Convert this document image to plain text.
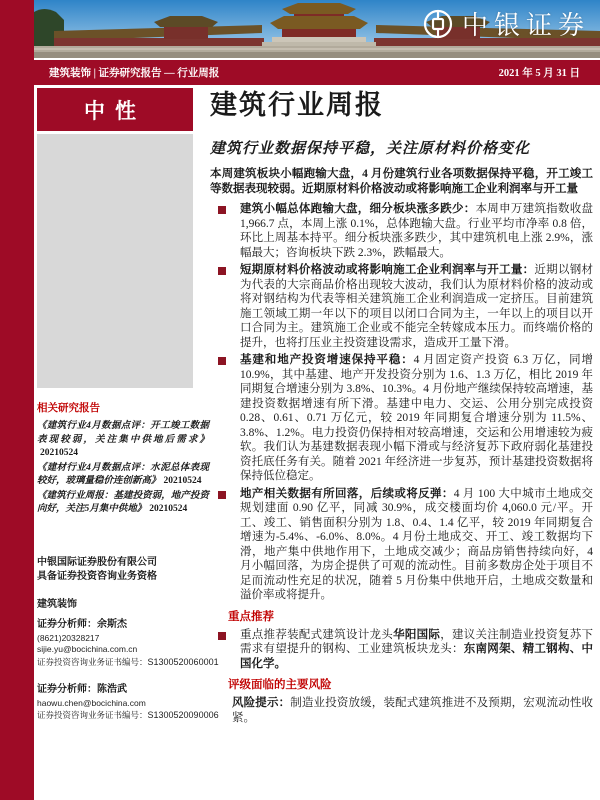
中银证券
建筑装饰 | 证券研究报告 — 行业周报	2021 年 5 月 31 日
中性 建筑行业周报
建筑行业数据保持平稳，关注原材料价格变化

本周建筑板块小幅跑输大盘，4 月份建筑行业各项数据保持平稳，开工竣工等数据表现较弱。近期原材料价格波动或将影响施工企业利润率与开工量

建筑小幅总体跑输大盘，细分板块涨多跌少：本周申万建筑指数收盘 1,966.7 点，本周上涨 0.1%，总体跑输大盘。行业平均市净率 0.8 倍，环比上周基本持平。细分板块涨多跌少，其中建筑机电上涨 2.9%，涨幅最大；咨询板块下跌 2.3%，跌幅最大。

短期原材料价格波动或将影响施工企业利润率与开工量：近期以钢材为代表的大宗商品价格出现较大波动，我们认为原材料价格的波动或将对钢结构为代表等相关建筑施工企业利润造成一定挤压。目前建筑施工领域工期一年以下的项目以闭口合同为主，一年以上的项目以开口合同为主。建筑施工企业或不能完全转嫁成本压力。而终端价格的提升，也将打压业主投资建设需求，造成开工量下滑。

基建和地产投资增速保持平稳：4 月固定资产投资 6.3 万亿，同增 10.9%，其中基建、地产开发投资分别为 1.6、1.3 万亿，相比 2019 年同期复合增速分别为 3.8%、10.3%。4 月份地产继续保持较高增速，基建投资数据增速有所下滑。基建中电力、交运、公用分别完成投资 0.28、0.61、0.71 万亿元，较 2019 年同期复合增速分别为 11.5%、3.8%、1.2%。电力投资仍保持相对较高增速，交运和公用增速较为疲软。我们认为基建数据表现小幅下滑或与经济复苏下政府弱化基建投资托底任务有关。随着 2021 年经济进一步复苏，预计基建投资数据将保持低位稳定。

地产相关数据有所回落，后续或将反弹：4 月 100 大中城市土地成交规划建面 0.90 亿平，同减 30.9%，成交楼面均价 4,060.0 元/平。开工、竣工、销售面积分别为 1.8、0.4、1.4 亿平，较 2019 年同期复合增速为-5.4%、-6.0%、8.0%。4 月份土地成交、开工、竣工数据均下滑，地产集中供地作用下，土地成交减少；商品房销售持续向好，4 月小幅回落，为房企提供了可观的流动性。目前多数房企处于项目不足而流动性充足的状况，随着 5 月份集中供地开启，土地成交数量和溢价率或将提升。

重点推荐

重点推荐装配式建筑设计龙头华阳国际，建议关注制造业投资复苏下需求有望提升的钢构、工业建筑板块龙头：东南网架、精工钢构、中国化学。

评级面临的主要风险

风险提示：制造业投资放缓，装配式建筑推进不及预期，宏观流动性收紧。

相关研究报告

《建筑行业4月数据点评：开工竣工数据表现较弱，关注集中供地后需求》20210524

《建材行业4月数据点评：水泥总体表现较好，玻璃量稳价连创新高》 20210524

《建筑行业周报：基建投资弱，地产投资向好，关注5月集中供地》 20210524

中银国际证券股份有限公司
具备证券投资咨询业务资格
建筑装饰
证券分析师：余斯杰
(8621)20328217
sijie.yu@bocichina.com.cn
证券投资咨询业务证书编号：S1300520060001
证券分析师：陈浩武
haowu.chen@bocichina.com
证券投资咨询业务证书编号：S1300520090006
